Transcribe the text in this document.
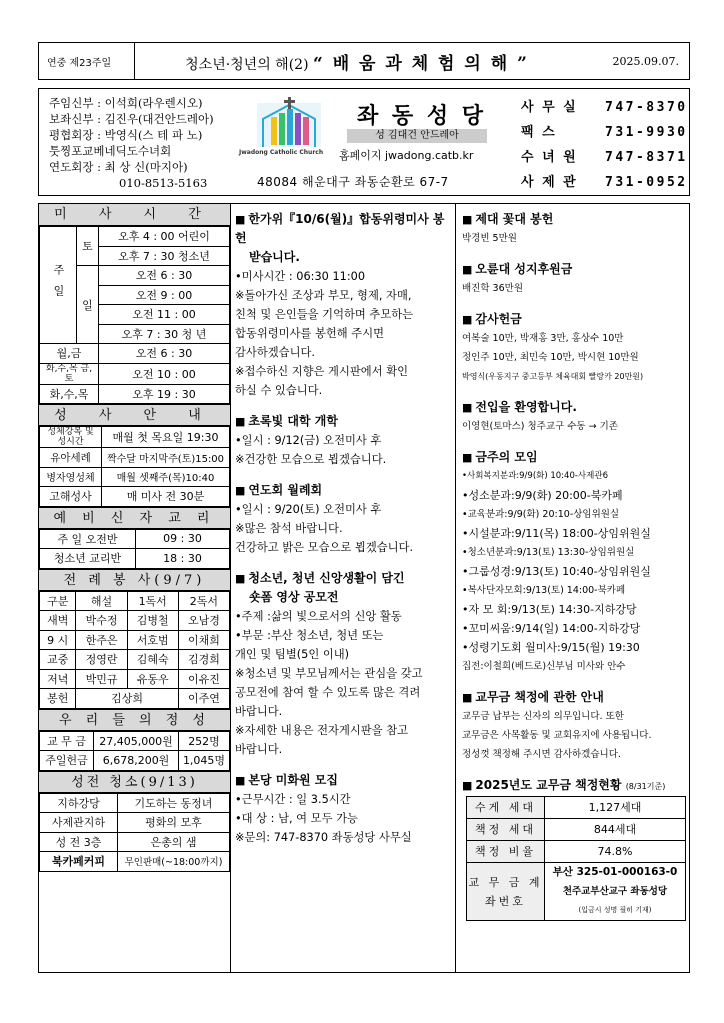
연중 제23주일	청소년·청년의 해(2) “ 배 움 과 체 험 의 해 ”	2025.09.07.
주임신부 : 이석희(라우렌시오)
보좌신부 : 김진우(대건안드레아)
평협회장 : 박영식(스 테 파 노)
툿찡포교베네딕도수녀회
연도회장 : 최 상 신(마지아)
010-8513-5163
Jwadong Catholic Church
좌 동 성 당
성 김대건 안드레아
홈페이지 jwadong.catb.kr
48084 해운대구 좌동순환로 67-7
사 무 실	747-8370
팩 스	731-9930
수 녀 원	747-8371
사 제 관	731-0952
미 사 시 간
주일	토	오후 4 : 00 어린이
		오후 7 : 30 청소년
	일	오전 6 : 30
		오전 9 : 00
		오전 11 : 00
		오후 7 : 30 청 년
월,금		오전 6 : 30
화,수,목 금,토		오전 10 : 00
화,수,목		오후 19 : 30
성 사 안 내
성체강복 및 성시간	매월 첫 목요일 19:30
유아세례	짝수달 마지막주(토)15:00
병자영성체	매월 셋째주(목)10:40
고해성사	매 미사 전 30분
예 비 신 자 교 리
주 일 오전반	09 : 30
청소년 교리반	18 : 30
전 례 봉 사(9/7)
구분	해설	1독서	2독서
새벽	박수정	김병철	오남경
9 시	한주은	서호범	이채희
교중	정영란	김혜숙	김경희
저녁	박민규	유동우	이유진
봉헌	김상희		이주연
우 리 들 의 정 성
교 무 금	27,405,000원	252명
주일헌금	6,678,200원	1,045명
성전 청소(9/13)
지하강당	기도하는 동정녀
사제관지하	평화의 모후
성 전 3층	은총의 샘
북카페커피	무인판매(~18:00까지)
■ 한가위『10/6(월)』합동위령미사 봉헌
받습니다.
•미사시간 : 06:30 11:00
※돌아가신 조상과 부모, 형제, 자매,
친척 및 은인들을 기억하며 추모하는
합동위령미사를 봉헌해 주시면
감사하겠습니다.
※접수하신 지향은 게시판에서 확인
하실 수 있습니다.
■ 초록빛 대학 개학
•일시 : 9/12(금) 오전미사 후
※건강한 모습으로 뵙겠습니다.
■ 연도회 월례회
•일시 : 9/20(토) 오전미사 후
※많은 참석 바랍니다.
건강하고 밝은 모습으로 뵙겠습니다.
■ 청소년, 청년 신앙생활이 담긴
숏폼 영상 공모전
•주제 :삶의 빛으로서의 신앙 활동
•부문 :부산 청소년, 청년 또는
개인 및 팀별(5인 이내)
※청소년 및 부모님께서는 관심을 갖고
공모전에 참여 할 수 있도록 많은 격려
바랍니다.
※자세한 내용은 전자게시판을 참고
바랍니다.
■ 본당 미화원 모집
•근무시간 : 일 3.5시간
•대 상 : 남, 여 모두 가능
※문의: 747-8370 좌동성당 사무실
■ 제대 꽃대 봉헌
박경빈 5만원
■ 오륜대 성지후원금
배진학 36만원
■ 감사헌금
여복술 10만, 박재홍 3만, 홍상수 10만
정인주 10만, 최민숙 10만, 박시현 10만원
박영식(우동지구 중고등부 체육대회 빨랑카 20만원)
■ 전입을 환영합니다.
이영현(토마스) 청주교구 수동 → 기존
■ 금주의 모임
•사회복지분과:9/9(화) 10:40-사제관6
•성소분과:9/9(화) 20:00-북카페
•교육분과:9/9(화) 20:10-상임위원실
•시설분과:9/11(목) 18:00-상임위원실
•청소년분과:9/13(토) 13:30-상임위원실
•그룹성경:9/13(토) 10:40-상임위원실
•복사단자모회:9/13(토) 14:00-북카페
•자 모 회:9/13(토) 14:30-지하강당
•꼬미씨움:9/14(일) 14:00-지하강당
•성령기도회 월미사:9/15(월) 19:30
집전:이철희(베드로)신부님 미사와 안수
■ 교무금 책정에 관한 안내
교무금 납부는 신자의 의무입니다. 또한
교무금은 사목활동 및 교회유지에 사용됩니다.
정성껏 책정해 주시면 감사하겠습니다.
■ 2025년도 교무금 책정현황 (8/31기준)
수게 세대	1,127세대
책정 세대	844세대
책정 비율	74.8%
교 무 금 계좌번호	부산 325-01-000163-0
천주교부산교구 좌동성당
(입금시 성명 필히 기재)
